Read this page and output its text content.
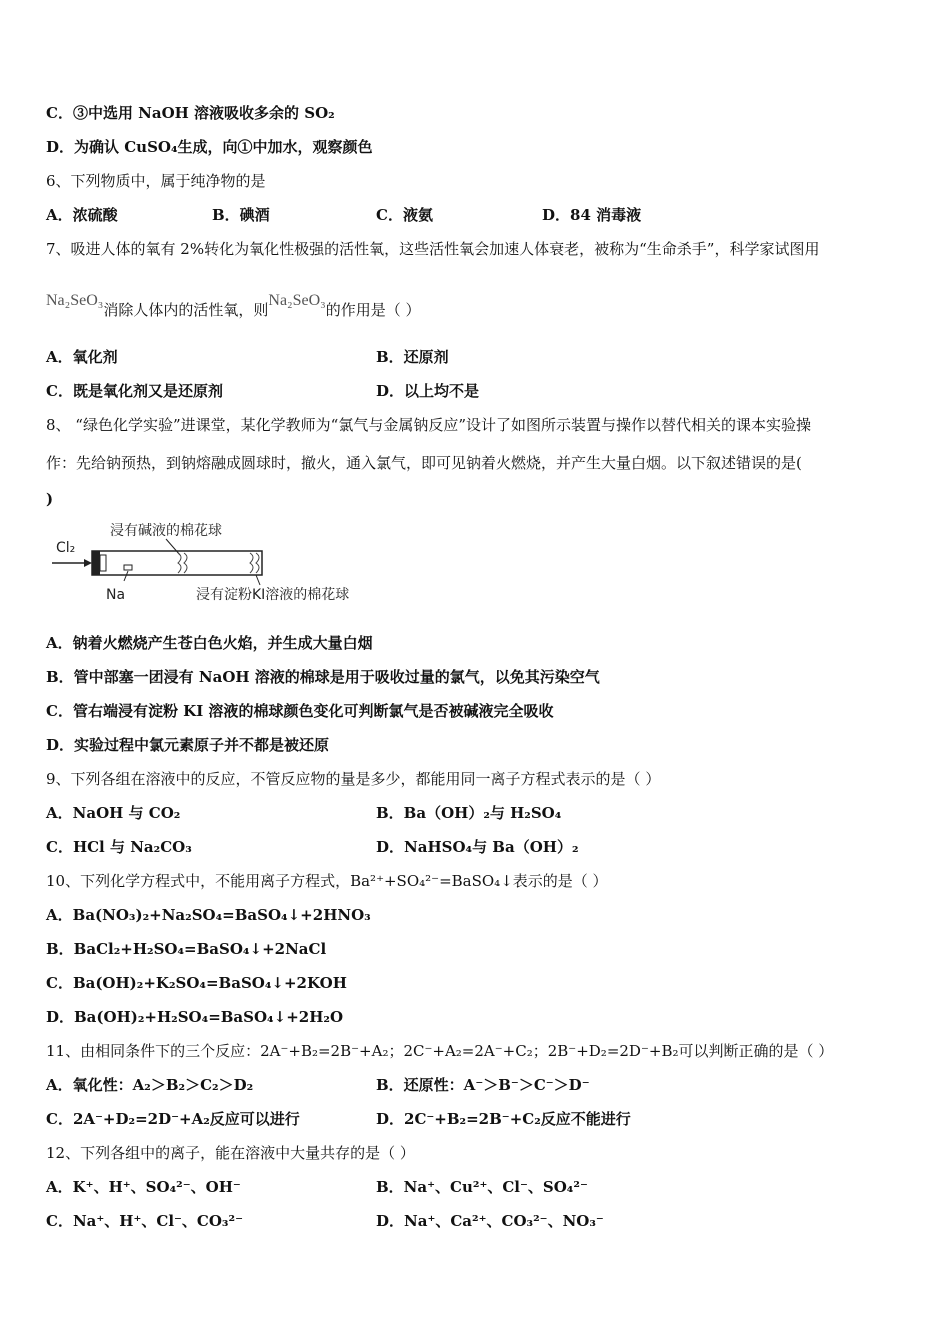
C．③中选用 NaOH 溶液吸收多余的 SO₂
D．为确认 CuSO₄生成，向①中加水，观察颜色
6、下列物质中，属于纯净物的是
A．浓硫酸	B．碘酒	C．液氨	D．84 消毒液
7、吸进人体的氧有 2%转化为氧化性极强的活性氧，这些活性氧会加速人体衰老，被称为“生命杀手”，科学家试图用
Na₂SeO₃消除人体内的活性氧，则Na₂SeO₃的作用是（ ）
A．氧化剂	B．还原剂
C．既是氧化剂又是还原剂	D．以上均不是
8、 “绿色化学实验”进课堂，某化学教师为“氯气与金属钠反应”设计了如图所示装置与操作以替代相关的课本实验操
作：先给钠预热，到钠熔融成圆球时，撤火，通入氯气，即可见钠着火燃烧，并产生大量白烟。以下叙述错误的是(
)
浸有碱液的棉花球
Cl₂
Na	浸有淀粉KI溶液的棉花球
A．钠着火燃烧产生苍白色火焰，并生成大量白烟
B．管中部塞一团浸有 NaOH 溶液的棉球是用于吸收过量的氯气，以免其污染空气
C．管右端浸有淀粉 KI 溶液的棉球颜色变化可判断氯气是否被碱液完全吸收
D．实验过程中氯元素原子并不都是被还原
9、下列各组在溶液中的反应，不管反应物的量是多少，都能用同一离子方程式表示的是（ ）
A．NaOH 与 CO₂	B．Ba（OH）₂与 H₂SO₄
C．HCl 与 Na₂CO₃	D．NaHSO₄与 Ba（OH）₂
10、下列化学方程式中，不能用离子方程式，Ba²⁺+SO₄²⁻=BaSO₄↓表示的是（ ）
A．Ba(NO₃)₂+Na₂SO₄=BaSO₄↓+2HNO₃
B．BaCl₂+H₂SO₄=BaSO₄↓+2NaCl
C．Ba(OH)₂+K₂SO₄=BaSO₄↓+2KOH
D．Ba(OH)₂+H₂SO₄=BaSO₄↓+2H₂O
11、由相同条件下的三个反应：2A⁻+B₂=2B⁻+A₂；2C⁻+A₂=2A⁻+C₂；2B⁻+D₂=2D⁻+B₂可以判断正确的是（ ）
A．氧化性：A₂＞B₂＞C₂＞D₂	B．还原性：A⁻＞B⁻＞C⁻＞D⁻
C．2A⁻+D₂=2D⁻+A₂反应可以进行	D．2C⁻+B₂=2B⁻+C₂反应不能进行
12、下列各组中的离子，能在溶液中大量共存的是（ ）
A．K⁺、H⁺、SO₄²⁻、OH⁻	B．Na⁺、Cu²⁺、Cl⁻、SO₄²⁻
C．Na⁺、H⁺、Cl⁻、CO₃²⁻	D．Na⁺、Ca²⁺、CO₃²⁻、NO₃⁻
